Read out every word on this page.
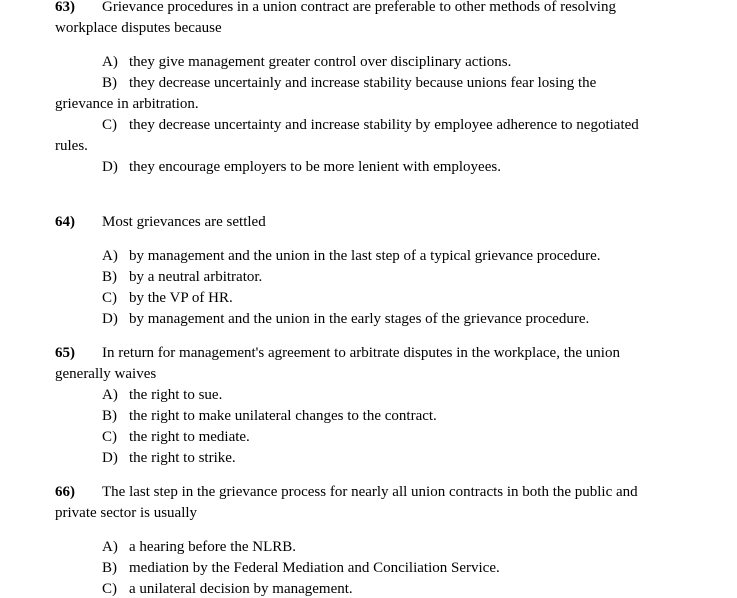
63) Grievance procedures in a union contract are preferable to other methods of resolving
workplace disputes because
A) they give management greater control over disciplinary actions.
B) they decrease uncertainly and increase stability because unions fear losing the
grievance in arbitration.
C) they decrease uncertainty and increase stability by employee adherence to negotiated
rules.
D) they encourage employers to be more lenient with employees.
64) Most grievances are settled
A) by management and the union in the last step of a typical grievance procedure.
B) by a neutral arbitrator.
C) by the VP of HR.
D) by management and the union in the early stages of the grievance procedure.
65) In return for management's agreement to arbitrate disputes in the workplace, the union
generally waives
A) the right to sue.
B) the right to make unilateral changes to the contract.
C) the right to mediate.
D) the right to strike.
66) The last step in the grievance process for nearly all union contracts in both the public and
private sector is usually
A) a hearing before the NLRB.
B) mediation by the Federal Mediation and Conciliation Service.
C) a unilateral decision by management.
